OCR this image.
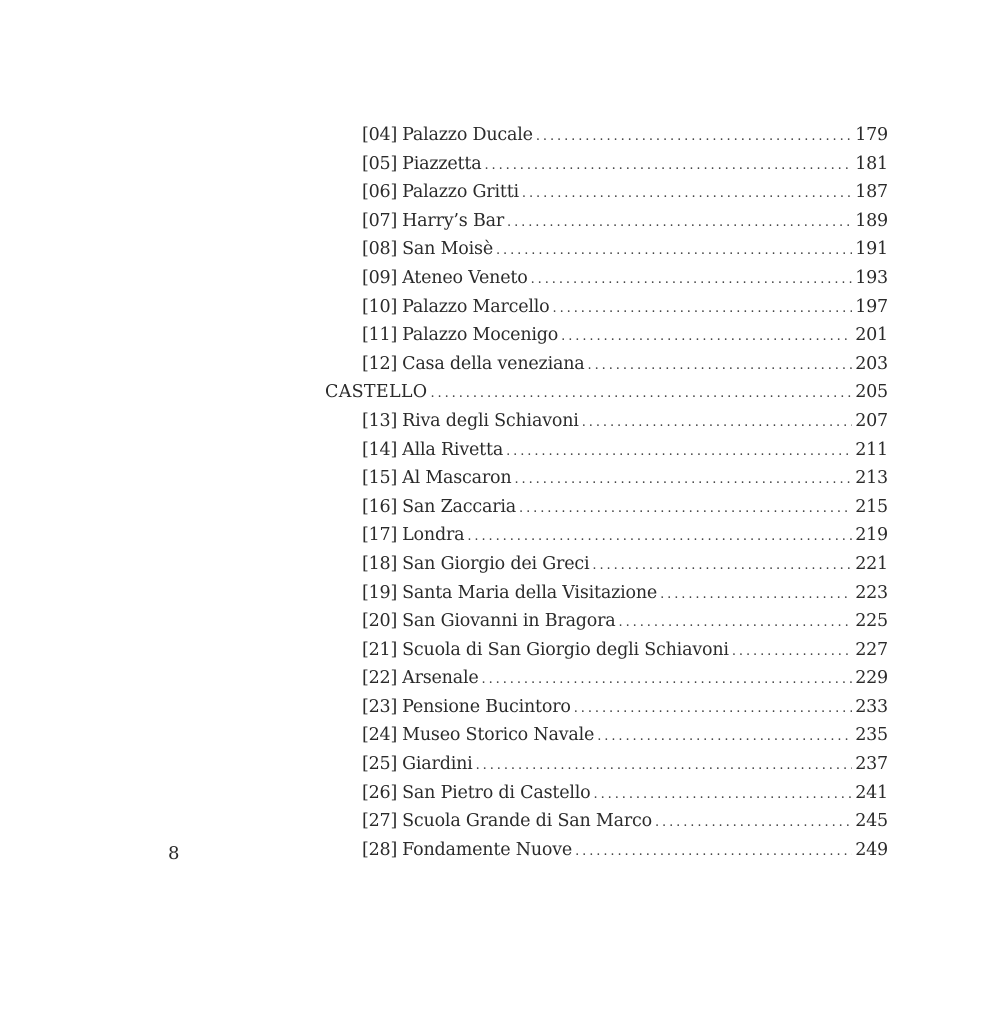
[04] Palazzo Ducale . . .	179
[05] Piazzetta . . .	181
[06] Palazzo Gritti . . .	187
[07] Harry’s Bar . . .	189
[08] San Moisè . . .	191
[09] Ateneo Veneto . . .	193
[10] Palazzo Marcello . . .	197
[11] Palazzo Mocenigo . . .	201
[12] Casa della veneziana . . .	203
CASTELLO . . .	205
[13] Riva degli Schiavoni . . .	207
[14] Alla Rivetta . . .	211
[15] Al Mascaron . . .	213
[16] San Zaccaria . . .	215
[17] Londra . . .	219
[18] San Giorgio dei Greci . . .	221
[19] Santa Maria della Visitazione . . .	223
[20] San Giovanni in Bragora . . .	225
[21] Scuola di San Giorgio degli Schiavoni . . .	227
[22] Arsenale . . .	229
[23] Pensione Bucintoro . . .	233
[24] Museo Storico Navale . . .	235
[25] Giardini . . .	237
[26] San Pietro di Castello . . .	241
[27] Scuola Grande di San Marco . . .	245
[28] Fondamente Nuove . . .	249
8
